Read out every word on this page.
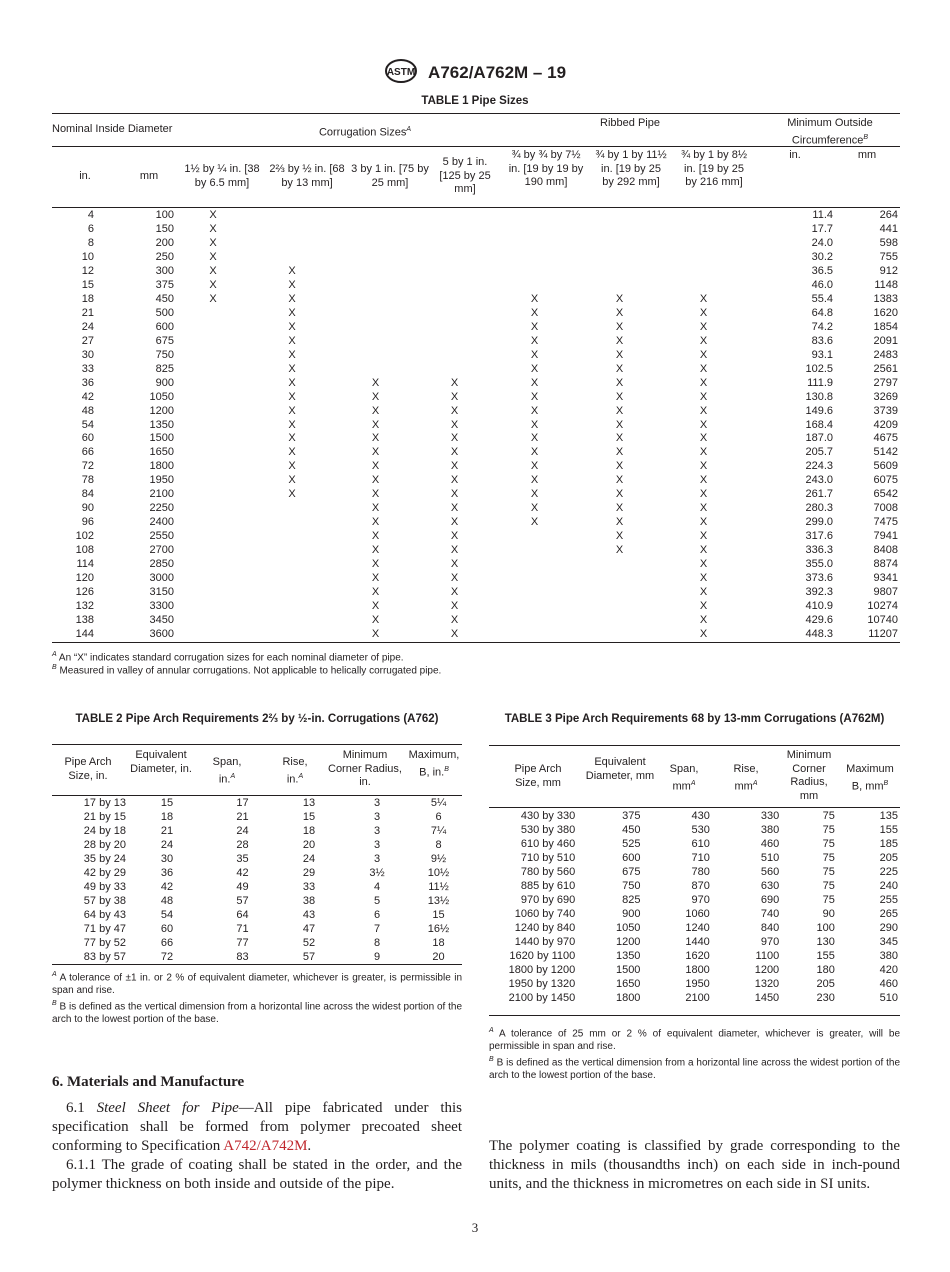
ASTM A762/A762M – 19
TABLE 1 Pipe Sizes
Nominal Inside Diameter	Corrugation Sizes$^A$
Ribbed Pipe	Minimum Outside Circumference$^B$
in.	mm
1½ by ¼ in. [38 by 6.5 mm]
2⅔ by ½ in. [68 by 13 mm]
3 by 1 in. [75 by 25 mm]
5 by 1 in. [125 by 25 mm]
¾ by ¾ by 7½ in. [19 by 19 by 190 mm]
¾ by 1 by 11½ in. [19 by 25 by 292 mm]
¾ by 1 by 8½ in. [19 by 25 by 216 mm]
in.	mm
4	100	X							11.4	264
6	150	X							17.7	441
8	200	X							24.0	598
10	250	X							30.2	755
12	300	X	X						36.5	912
15	375	X	X						46.0	1148
18	450	X	X			X	X	X	55.4	1383
21	500		X			X	X	X	64.8	1620
24	600		X			X	X	X	74.2	1854
27	675		X			X	X	X	83.6	2091
30	750		X			X	X	X	93.1	2483
33	825		X			X	X	X	102.5	2561
36	900		X	X	X	X	X	X	111.9	2797
42	1050		X	X	X	X	X	X	130.8	3269
48	1200		X	X	X	X	X	X	149.6	3739
54	1350		X	X	X	X	X	X	168.4	4209
60	1500		X	X	X	X	X	X	187.0	4675
66	1650		X	X	X	X	X	X	205.7	5142
72	1800		X	X	X	X	X	X	224.3	5609
78	1950		X	X	X	X	X	X	243.0	6075
84	2100		X	X	X	X	X	X	261.7	6542
90	2250			X	X	X	X	X	280.3	7008
96	2400			X	X	X	X	X	299.0	7475
102	2550			X	X		X	X	317.6	7941
108	2700			X	X		X	X	336.3	8408
114	2850			X	X			X	355.0	8874
120	3000			X	X			X	373.6	9341
126	3150			X	X			X	392.3	9807
132	3300			X	X			X	410.9	10274
138	3450			X	X			X	429.6	10740
144	3600			X	X			X	448.3	11207
$^A$ An “X” indicates standard corrugation sizes for each nominal diameter of pipe.
$^B$ Measured in valley of annular corrugations. Not applicable to helically corrugated pipe.
TABLE 2 Pipe Arch Requirements 2⅔ by ½-in. Corrugations (A762)
Pipe Arch Size, in.
Equivalent Diameter, in.
Span, in.$^A$
Rise, in.$^A$
Minimum Corner Radius, in.
Maximum, B, in.$^B$
17 by 13	15	17	13	3	5¼
21 by 15	18	21	15	3	6
24 by 18	21	24	18	3	7¼
28 by 20	24	28	20	3	8
35 by 24	30	35	24	3	9½
42 by 29	36	42	29	3½	10½
49 by 33	42	49	33	4	11½
57 by 38	48	57	38	5	13½
64 by 43	54	64	43	6	15
71 by 47	60	71	47	7	16½
77 by 52	66	77	52	8	18
83 by 57	72	83	57	9	20
$^A$ A tolerance of ±1 in. or 2 % of equivalent diameter, whichever is greater, is permissible in span and rise.
$^B$ B is defined as the vertical dimension from a horizontal line across the widest portion of the arch to the lowest portion of the base.
TABLE 3 Pipe Arch Requirements 68 by 13-mm Corrugations (A762M)
Pipe Arch Size, mm
Equivalent Diameter, mm
Span, $mm^A$
Rise, $mm^A$
Minimum Corner Radius, mm
Maximum B, $mm^B$
430 by 330	375	430	330	75	135
530 by 380	450	530	380	75	155
610 by 460	525	610	460	75	185
710 by 510	600	710	510	75	205
780 by 560	675	780	560	75	225
885 by 610	750	870	630	75	240
970 by 690	825	970	690	75	255
1060 by 740	900	1060	740	90	265
1240 by 840	1050	1240	840	100	290
1440 by 970	1200	1440	970	130	345
1620 by 1100	1350	1620	1100	155	380
1800 by 1200	1500	1800	1200	180	420
1950 by 1320	1650	1950	1320	205	460
2100 by 1450	1800	2100	1450	230	510
$^A$ A tolerance of 25 mm or 2 % of equivalent diameter, whichever is greater, will be permissible in span and rise.
$^B$ B is defined as the vertical dimension from a horizontal line across the widest portion of the arch to the lowest portion of the base.
6. Materials and Manufacture
6.1 Steel Sheet for Pipe—All pipe fabricated under this specification shall be formed from polymer precoated sheet conforming to Specification A742/A742M.
6.1.1 The grade of coating shall be stated in the order, and the polymer thickness on both inside and outside of the pipe.
The polymer coating is classified by grade corresponding to the thickness in mils (thousandths inch) on each side in inch-pound units, and the thickness in micrometres on each side in SI units.
3
